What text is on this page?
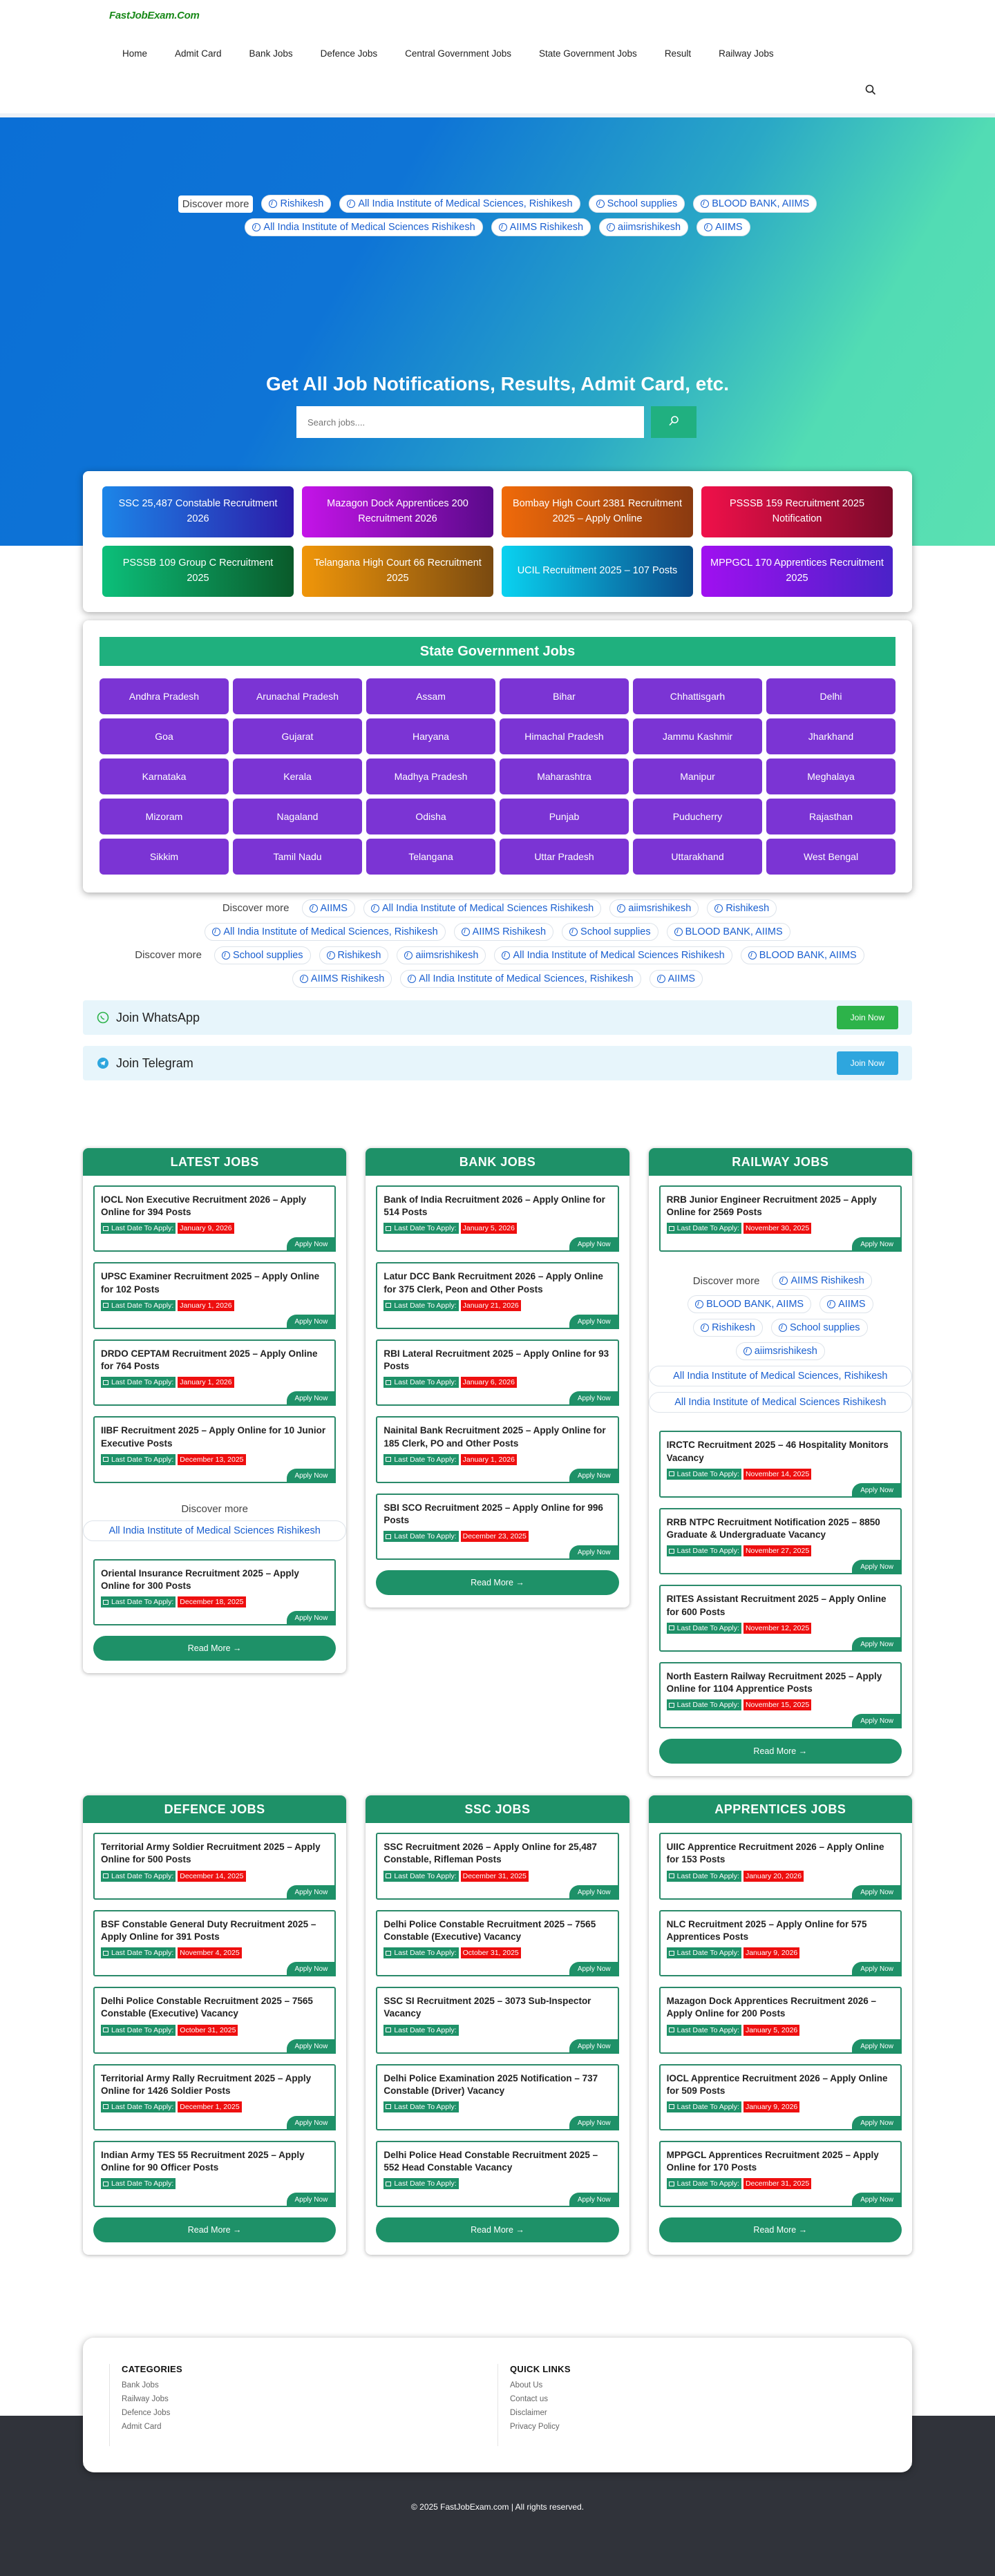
FastJobExam.Com
Home	Admit Card	Bank Jobs	Defence Jobs	Central Government Jobs	State Government Jobs	Result	Railway Jobs
Discover more	Rishikesh	All India Institute of Medical Sciences, Rishikesh	School supplies	BLOOD BANK, AIIMS
All India Institute of Medical Sciences Rishikesh	AIIMS Rishikesh	aiimsrishikesh	AIIMS
Get All Job Notifications, Results, Admit Card, etc.
Search jobs....
SSC 25,487 Constable Recruitment 2026
Mazagon Dock Apprentices 200 Recruitment 2026
Bombay High Court 2381 Recruitment 2025 – Apply Online
PSSSB 159 Recruitment 2025 Notification
PSSSB 109 Group C Recruitment 2025
Telangana High Court 66 Recruitment 2025
UCIL Recruitment 2025 – 107 Posts
MPPGCL 170 Apprentices Recruitment 2025
State Government Jobs
Andhra Pradesh	Arunachal Pradesh	Assam	Bihar	Chhattisgarh	Delhi
Goa	Gujarat	Haryana	Himachal Pradesh	Jammu Kashmir	Jharkhand
Karnataka	Kerala	Madhya Pradesh	Maharashtra	Manipur	Meghalaya
Mizoram	Nagaland	Odisha	Punjab	Puducherry	Rajasthan
Sikkim	Tamil Nadu	Telangana	Uttar Pradesh	Uttarakhand	West Bengal
Discover more	AIIMS	All India Institute of Medical Sciences Rishikesh	aiimsrishikesh	Rishikesh
All India Institute of Medical Sciences, Rishikesh	AIIMS Rishikesh	School supplies	BLOOD BANK, AIIMS
Discover more	School supplies	Rishikesh	aiimsrishikesh	All India Institute of Medical Sciences Rishikesh	BLOOD BANK, AIIMS
AIIMS Rishikesh	All India Institute of Medical Sciences, Rishikesh	AIIMS
Join WhatsApp	Join Now
Join Telegram	Join Now
LATEST JOBS
IOCL Non Executive Recruitment 2026 – Apply Online for 394 Posts
Last Date To Apply: January 9, 2026
Apply Now
UPSC Examiner Recruitment 2025 – Apply Online for 102 Posts
Last Date To Apply: January 1, 2026
Apply Now
DRDO CEPTAM Recruitment 2025 – Apply Online for 764 Posts
Last Date To Apply: January 1, 2026
Apply Now
IIBF Recruitment 2025 – Apply Online for 10 Junior Executive Posts
Last Date To Apply: December 13, 2025
Apply Now
Discover more
All India Institute of Medical Sciences Rishikesh
Oriental Insurance Recruitment 2025 – Apply Online for 300 Posts
Last Date To Apply: December 18, 2025
Apply Now
Read More →
BANK JOBS
Bank of India Recruitment 2026 – Apply Online for 514 Posts
Last Date To Apply: January 5, 2026
Apply Now
Latur DCC Bank Recruitment 2026 – Apply Online for 375 Clerk, Peon and Other Posts
Last Date To Apply: January 21, 2026
Apply Now
RBI Lateral Recruitment 2025 – Apply Online for 93 Posts
Last Date To Apply: January 6, 2026
Apply Now
Nainital Bank Recruitment 2025 – Apply Online for 185 Clerk, PO and Other Posts
Last Date To Apply: January 1, 2026
Apply Now
SBI SCO Recruitment 2025 – Apply Online for 996 Posts
Last Date To Apply: December 23, 2025
Apply Now
Read More →
RAILWAY JOBS
RRB Junior Engineer Recruitment 2025 – Apply Online for 2569 Posts
Last Date To Apply: November 30, 2025
Apply Now
Discover more	AIIMS Rishikesh
BLOOD BANK, AIIMS	AIIMS
Rishikesh	School supplies
aiimsrishikesh
All India Institute of Medical Sciences, Rishikesh
All India Institute of Medical Sciences Rishikesh
IRCTC Recruitment 2025 – 46 Hospitality Monitors Vacancy
Last Date To Apply: November 14, 2025
Apply Now
RRB NTPC Recruitment Notification 2025 – 8850 Graduate & Undergraduate Vacancy
Last Date To Apply: November 27, 2025
Apply Now
RITES Assistant Recruitment 2025 – Apply Online for 600 Posts
Last Date To Apply: November 12, 2025
Apply Now
North Eastern Railway Recruitment 2025 – Apply Online for 1104 Apprentice Posts
Last Date To Apply: November 15, 2025
Apply Now
Read More →
DEFENCE JOBS
Territorial Army Soldier Recruitment 2025 – Apply Online for 500 Posts
Last Date To Apply: December 14, 2025
Apply Now
BSF Constable General Duty Recruitment 2025 – Apply Online for 391 Posts
Last Date To Apply: November 4, 2025
Apply Now
Delhi Police Constable Recruitment 2025 – 7565 Constable (Executive) Vacancy
Last Date To Apply: October 31, 2025
Apply Now
Territorial Army Rally Recruitment 2025 – Apply Online for 1426 Soldier Posts
Last Date To Apply: December 1, 2025
Apply Now
Indian Army TES 55 Recruitment 2025 – Apply Online for 90 Officer Posts
Last Date To Apply:
Apply Now
Read More →
SSC JOBS
SSC Recruitment 2026 – Apply Online for 25,487 Constable, Rifleman Posts
Last Date To Apply: December 31, 2025
Apply Now
Delhi Police Constable Recruitment 2025 – 7565 Constable (Executive) Vacancy
Last Date To Apply: October 31, 2025
Apply Now
SSC SI Recruitment 2025 – 3073 Sub-Inspector Vacancy
Last Date To Apply:
Apply Now
Delhi Police Examination 2025 Notification – 737 Constable (Driver) Vacancy
Last Date To Apply:
Apply Now
Delhi Police Head Constable Recruitment 2025 – 552 Head Constable Vacancy
Last Date To Apply:
Apply Now
Read More →
APPRENTICES JOBS
UIIC Apprentice Recruitment 2026 – Apply Online for 153 Posts
Last Date To Apply: January 20, 2026
Apply Now
NLC Recruitment 2025 – Apply Online for 575 Apprentices Posts
Last Date To Apply: January 9, 2026
Apply Now
Mazagon Dock Apprentices Recruitment 2026 – Apply Online for 200 Posts
Last Date To Apply: January 5, 2026
Apply Now
IOCL Apprentice Recruitment 2026 – Apply Online for 509 Posts
Last Date To Apply: January 9, 2026
Apply Now
MPPGCL Apprentices Recruitment 2025 – Apply Online for 170 Posts
Last Date To Apply: December 31, 2025
Apply Now
Read More →
CATEGORIES
Bank Jobs
Railway Jobs
Defence Jobs
Admit Card
QUICK LINKS
About Us
Contact us
Disclaimer
Privacy Policy
© 2025 FastJobExam.com | All rights reserved.
